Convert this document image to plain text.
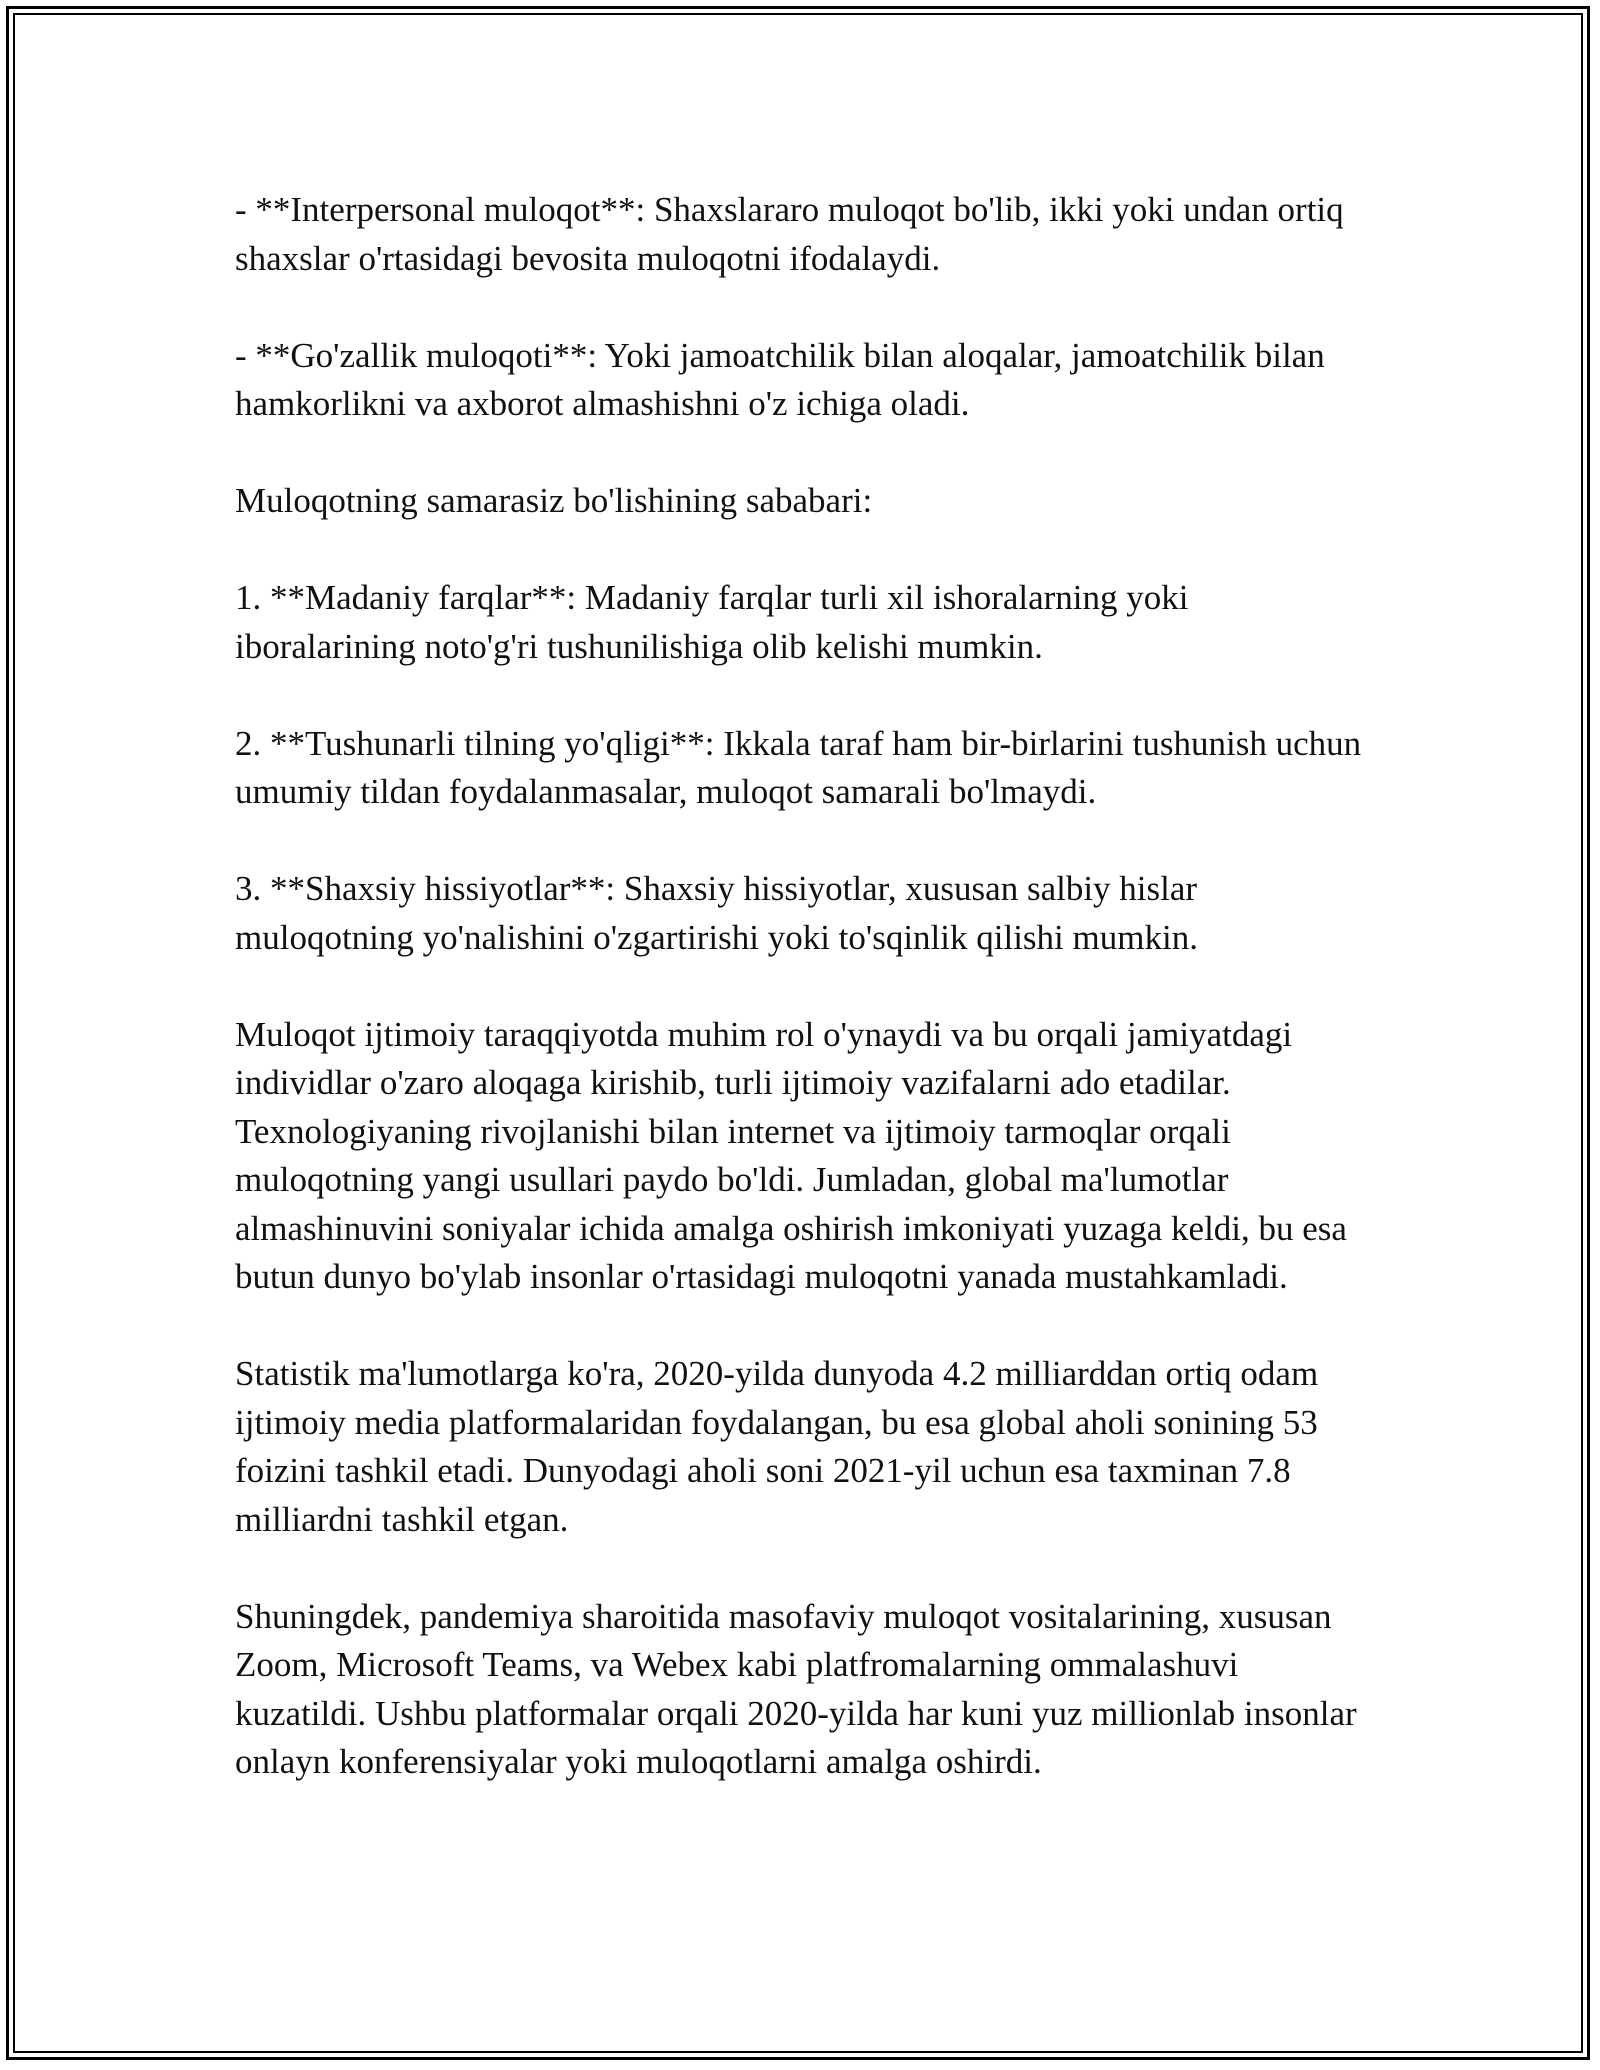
- **Interpersonal muloqot**: Shaxslararo muloqot bo'lib, ikki yoki undan ortiq shaxslar o'rtasidagi bevosita muloqotni ifodalaydi.

- **Go'zallik muloqoti**: Yoki jamoatchilik bilan aloqalar, jamoatchilik bilan hamkorlikni va axborot almashishni o'z ichiga oladi.

Muloqotning samarasiz bo'lishining sababari:

1. **Madaniy farqlar**: Madaniy farqlar turli xil ishoralarning yoki iboralarining noto'g'ri tushunilishiga olib kelishi mumkin.

2. **Tushunarli tilning yo'qligi**: Ikkala taraf ham bir-birlarini tushunish uchun umumiy tildan foydalanmasalar, muloqot samarali bo'lmaydi.

3. **Shaxsiy hissiyotlar**: Shaxsiy hissiyotlar, xususan salbiy hislar muloqotning yo'nalishini o'zgartirishi yoki to'sqinlik qilishi mumkin.

Muloqot ijtimoiy taraqqiyotda muhim rol o'ynaydi va bu orqali jamiyatdagi individlar o'zaro aloqaga kirishib, turli ijtimoiy vazifalarni ado etadilar. Texnologiyaning rivojlanishi bilan internet va ijtimoiy tarmoqlar orqali muloqotning yangi usullari paydo bo'ldi. Jumladan, global ma'lumotlar almashinuvini soniyalar ichida amalga oshirish imkoniyati yuzaga keldi, bu esa butun dunyo bo'ylab insonlar o'rtasidagi muloqotni yanada mustahkamladi.

Statistik ma'lumotlarga ko'ra, 2020-yilda dunyoda 4.2 milliarddan ortiq odam ijtimoiy media platformalaridan foydalangan, bu esa global aholi sonining 53 foizini tashkil etadi. Dunyodagi aholi soni 2021-yil uchun esa taxminan 7.8 milliardni tashkil etgan.

Shuningdek, pandemiya sharoitida masofaviy muloqot vositalarining, xususan Zoom, Microsoft Teams, va Webex kabi platfromalarning ommalashuvi kuzatildi. Ushbu platformalar orqali 2020-yilda har kuni yuz millionlab insonlar onlayn konferensiyalar yoki muloqotlarni amalga oshirdi.
